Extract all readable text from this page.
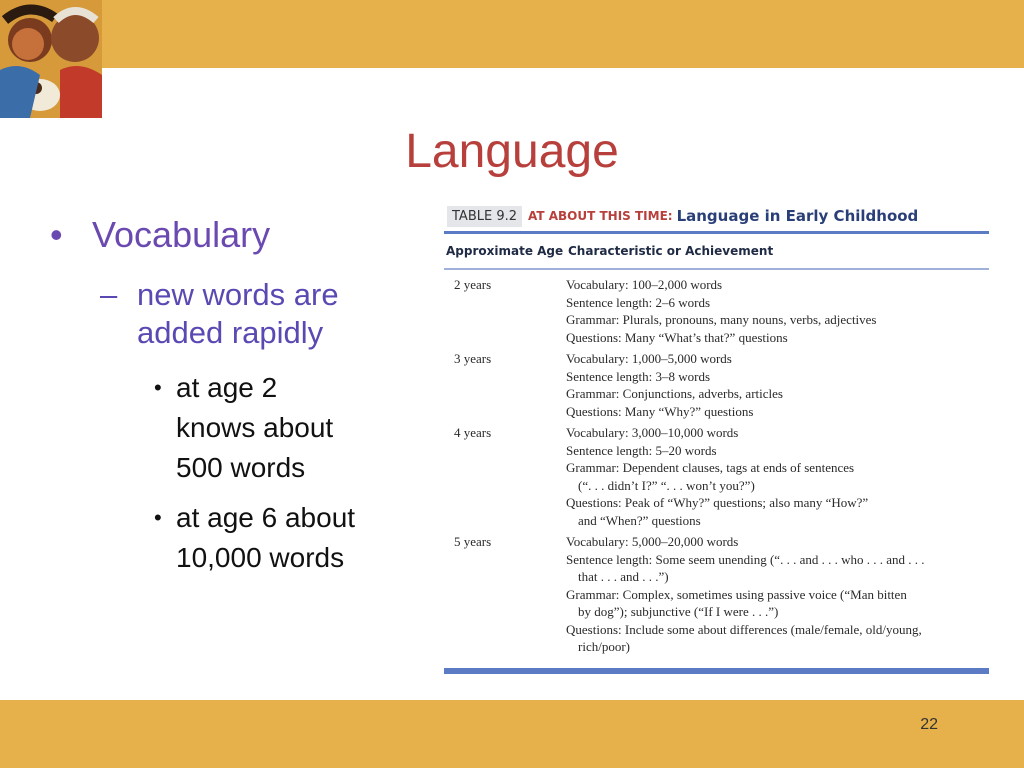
Language
• Vocabulary
– new words are
added rapidly
• at age 2
knows about
500 words
• at age 6 about
10,000 words
TABLE 9.2 AT ABOUT THIS TIME: Language in Early Childhood
Approximate Age Characteristic or Achievement
2 years	Vocabulary: 100–2,000 words
Sentence length: 2–6 words
Grammar: Plurals, pronouns, many nouns, verbs, adjectives
Questions: Many “What’s that?” questions
3 years	Vocabulary: 1,000–5,000 words
Sentence length: 3–8 words
Grammar: Conjunctions, adverbs, articles
Questions: Many “Why?” questions
4 years	Vocabulary: 3,000–10,000 words
Sentence length: 5–20 words
Grammar: Dependent clauses, tags at ends of sentences
(“. . . didn’t I?” “. . . won’t you?”)
Questions: Peak of “Why?” questions; also many “How?”
and “When?” questions
5 years	Vocabulary: 5,000–20,000 words
Sentence length: Some seem unending (“. . . and . . . who . . . and . . .
that . . . and . . .”)
Grammar: Complex, sometimes using passive voice (“Man bitten
by dog”); subjunctive (“If I were . . .”)
Questions: Include some about differences (male/female, old/young,
rich/poor)
22
